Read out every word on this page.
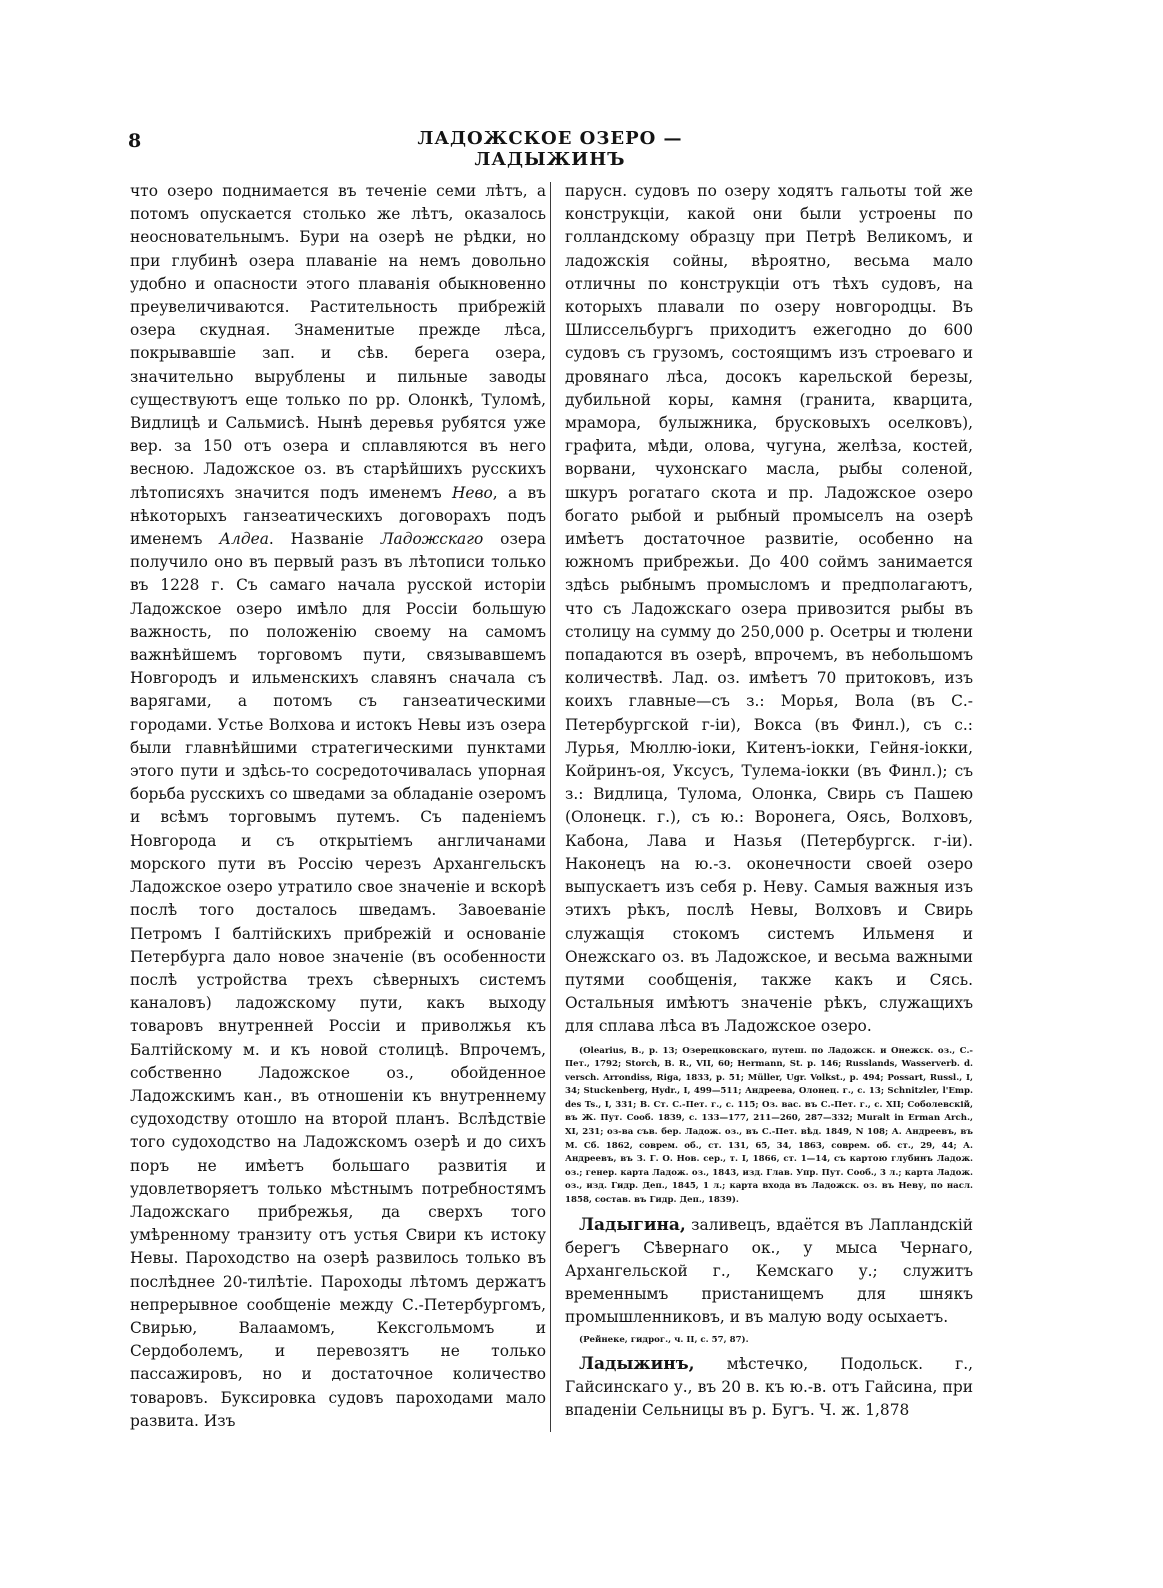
8	ЛАДОЖСКОЕ ОЗЕРО — ЛАДЫЖИНЪ

что озеро поднимается въ теченіе семи лѣтъ, а потомъ опускается столько же лѣтъ, оказалось неосновательнымъ. Бури на озерѣ не рѣдки, но при глубинѣ озера плаваніе на немъ довольно удобно и опасности этого плаванія обыкновенно преувеличиваются. Растительность прибрежій озера скудная. Знаменитые прежде лѣса, покрывавшіе зап. и сѣв. берега озера, значительно вырублены и пильные заводы существуютъ еще только по рр. Олонкѣ, Туломѣ, Видлицѣ и Сальмисѣ. Нынѣ деревья рубятся уже вер. за 150 отъ озера и сплавляются въ него весною. Ладожское оз. въ старѣйшихъ русскихъ лѣтописяхъ значится подъ именемъ Нево, а въ нѣкоторыхъ ганзеатическихъ договорахъ подъ именемъ Алдеа. Названіе Ладожскаго озера получило оно въ первый разъ въ лѣтописи только въ 1228 г. Съ самаго начала русской исторіи Ладожское озеро имѣло для Россіи большую важность, по положенію своему на самомъ важнѣйшемъ торговомъ пути, связывавшемъ Новгородъ и ильменскихъ славянъ сначала съ варягами, а потомъ съ ганзеатическими городами. Устье Волхова и истокъ Невы изъ озера были главнѣйшими стратегическими пунктами этого пути и здѣсь-то сосредоточивалась упорная борьба русскихъ со шведами за обладаніе озеромъ и всѣмъ торговымъ путемъ. Съ паденіемъ Новгорода и съ открытіемъ англичанами морского пути въ Россію черезъ Архангельскъ Ладожское озеро утратило свое значеніе и вскорѣ послѣ того досталось шведамъ. Завоеваніе Петромъ I балтійскихъ прибрежій и основаніе Петербурга дало новое значеніе (въ особенности послѣ устройства трехъ сѣверныхъ системъ каналовъ) ладожскому пути, какъ выходу товаровъ внутренней Россіи и приволжья къ Балтійскому м. и къ новой столицѣ. Впрочемъ, собственно Ладожское оз., обойденное Ладожскимъ кан., въ отношеніи къ внутреннему судоходству отошло на второй планъ. Вслѣдствіе того судоходство на Ладожскомъ озерѣ и до сихъ поръ не имѣетъ большаго развитія и удовлетворяетъ только мѣстнымъ потребностямъ Ладожскаго прибрежья, да сверхъ того умѣренному транзиту отъ устья Свири къ истоку Невы. Пароходство на озерѣ развилось только въ послѣднее 20-тилѣтіе. Пароходы лѣтомъ держатъ непрерывное сообщеніе между С.-Петербургомъ, Свирью, Валаамомъ, Кексгольмомъ и Сердоболемъ, и перевозятъ не только пассажировъ, но и достаточное количество товаровъ. Буксировка судовъ пароходами мало развита. Изъ

парусн. судовъ по озеру ходятъ гальоты той же конструкціи, какой они были устроены по голландскому образцу при Петрѣ Великомъ, и ладожскія сойны, вѣроятно, весьма мало отличны по конструкціи отъ тѣхъ судовъ, на которыхъ плавали по озеру новгородцы. Въ Шлиссельбургъ приходитъ ежегодно до 600 судовъ съ грузомъ, состоящимъ изъ строеваго и дровянаго лѣса, досокъ карельской березы, дубильной коры, камня (гранита, кварцита, мрамора, булыжника, брусковыхъ оселковъ), графита, мѣди, олова, чугуна, желѣза, костей, ворвани, чухонскаго масла, рыбы соленой, шкуръ рогатаго скота и пр. Ладожское озеро богато рыбой и рыбный промыселъ на озерѣ имѣетъ достаточное развитіе, особенно на южномъ прибрежьи. До 400 соймъ занимается здѣсь рыбнымъ промысломъ и предполагаютъ, что съ Ладожскаго озера привозится рыбы въ столицу на сумму до 250,000 р. Осетры и тюлени попадаются въ озерѣ, впрочемъ, въ небольшомъ количествѣ. Лад. оз. имѣетъ 70 притоковъ, изъ коихъ главные—съ з.: Морья, Вола (въ С.-Петербургской г-іи), Вокса (въ Финл.), съ с.: Лурья, Мюллю-іоки, Китенъ-іокки, Гейня-іокки, Койринъ-оя, Уксусъ, Тулема-іокки (въ Финл.); съ з.: Видлица, Тулома, Олонка, Свирь съ Пашею (Олонецк. г.), съ ю.: Воронега, Оясь, Волховъ, Кабона, Лава и Назья (Петербургск. г-іи). Наконецъ на ю.-з. оконечности своей озеро выпускаетъ изъ себя р. Неву. Самыя важныя изъ этихъ рѣкъ, послѣ Невы, Волховъ и Свирь служащія стокомъ системъ Ильменя и Онежскаго оз. въ Ладожское, и весьма важными путями сообщенія, также какъ и Сясь. Остальныя имѣютъ значеніе рѣкъ, служащихъ для сплава лѣса въ Ладожское озеро.

(Olearius, B., p. 13; Озерецковскаго, путеш. по Ладожск. и Онежск. оз., С.-Пет., 1792; Storch, B. R., VII, 60; Hermann, St. p. 146; Russlands, Wasserverb. d. versch. Arrondiss, Riga, 1833, p. 51; Müller, Ugr. Volkst., p. 494; Possart, Russl., I, 34; Stuckenberg, Hydr., I, 499—511; Андреева, Олонец. г., с. 13; Schnitzler, l'Emp. des Ts., I, 331; В. Ст. С.-Пет. г., с. 115; Оз. вас. въ С.-Пет. г., с. XII; Соболевскій, въ Ж. Пут. Сооб. 1839, с. 133—177, 211—260, 287—332; Muralt in Erman Arch., XI, 231; оз-ва съв. бер. Ладож. оз., въ С.-Пет. вѣд. 1849, N 108; А. Андреевъ, въ М. Сб. 1862, соврем. об., ст. 131, 65, 34, 1863, соврем. об. ст., 29, 44; А. Андреевъ, въ З. Г. О. Нов. сер., т. I, 1866, ст. 1—14, съ картою глубинъ Ладож. оз.; генер. карта Ладож. оз., 1843, изд. Глав. Упр. Пут. Сооб., 3 л.; карта Ладож. оз., изд. Гидр. Деп., 1845, 1 л.; карта входа въ Ладожск. оз. въ Неву, по насл. 1858, состав. въ Гидр. Деп., 1839).

Ладыгина, заливецъ, вдаётся въ Лапландскій берегъ Сѣвернаго ок., у мыса Чернаго, Архангельской г., Кемскаго у.; служитъ временнымъ пристанищемъ для шнякъ промышленниковъ, и въ малую воду осыхаетъ.

(Рейнеке, гидрог., ч. II, с. 57, 87).

Ладыжинъ, мѣстечко, Подольск. г., Гайсинскаго у., въ 20 в. къ ю.-в. отъ Гайсина, при впаденіи Сельницы въ р. Бугъ. Ч. ж. 1,878
